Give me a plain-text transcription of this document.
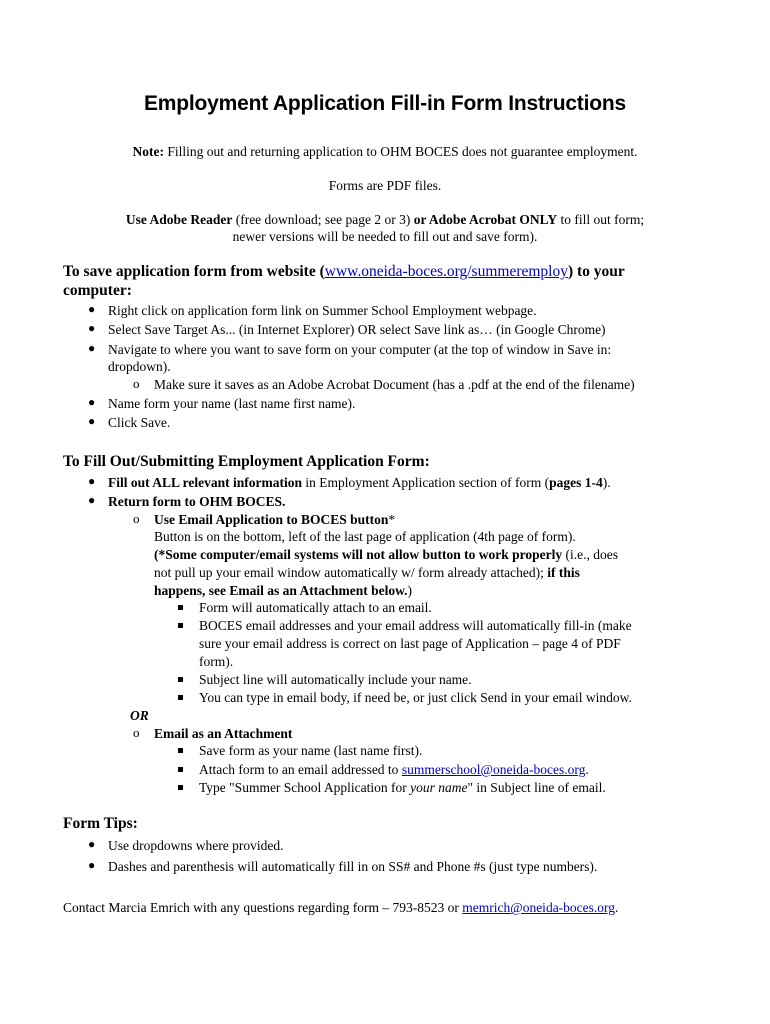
Employment Application Fill-in Form Instructions
Note: Filling out and returning application to OHM BOCES does not guarantee employment.
Forms are PDF files.
Use Adobe Reader (free download; see page 2 or 3) or Adobe Acrobat ONLY to fill out form;
newer versions will be needed to fill out and save form).
To save application form from website (www.oneida-boces.org/summeremploy) to your
computer:
● Right click on application form link on Summer School Employment webpage.
● Select Save Target As... (in Internet Explorer) OR select Save link as… (in Google Chrome)
● Navigate to where you want to save form on your computer (at the top of window in Save in:
dropdown).
o Make sure it saves as an Adobe Acrobat Document (has a .pdf at the end of the filename)
● Name form your name (last name first name).
● Click Save.
To Fill Out/Submitting Employment Application Form:
● Fill out ALL relevant information in Employment Application section of form (pages 1-4).
● Return form to OHM BOCES.
o Use Email Application to BOCES button*
Button is on the bottom, left of the last page of application (4th page of form).
(*Some computer/email systems will not allow button to work properly (i.e., does
not pull up your email window automatically w/ form already attached); if this
happens, see Email as an Attachment below.)
Form will automatically attach to an email.
BOCES email addresses and your email address will automatically fill-in (make
sure your email address is correct on last page of Application – page 4 of PDF
form).
Subject line will automatically include your name.
You can type in email body, if need be, or just click Send in your email window.
OR
o Email as an Attachment
Save form as your name (last name first).
Attach form to an email addressed to summerschool@oneida-boces.org.
Type "Summer School Application for your name" in Subject line of email.
Form Tips:
● Use dropdowns where provided.
● Dashes and parenthesis will automatically fill in on SS# and Phone #s (just type numbers).
Contact Marcia Emrich with any questions regarding form – 793-8523 or memrich@oneida-boces.org.
